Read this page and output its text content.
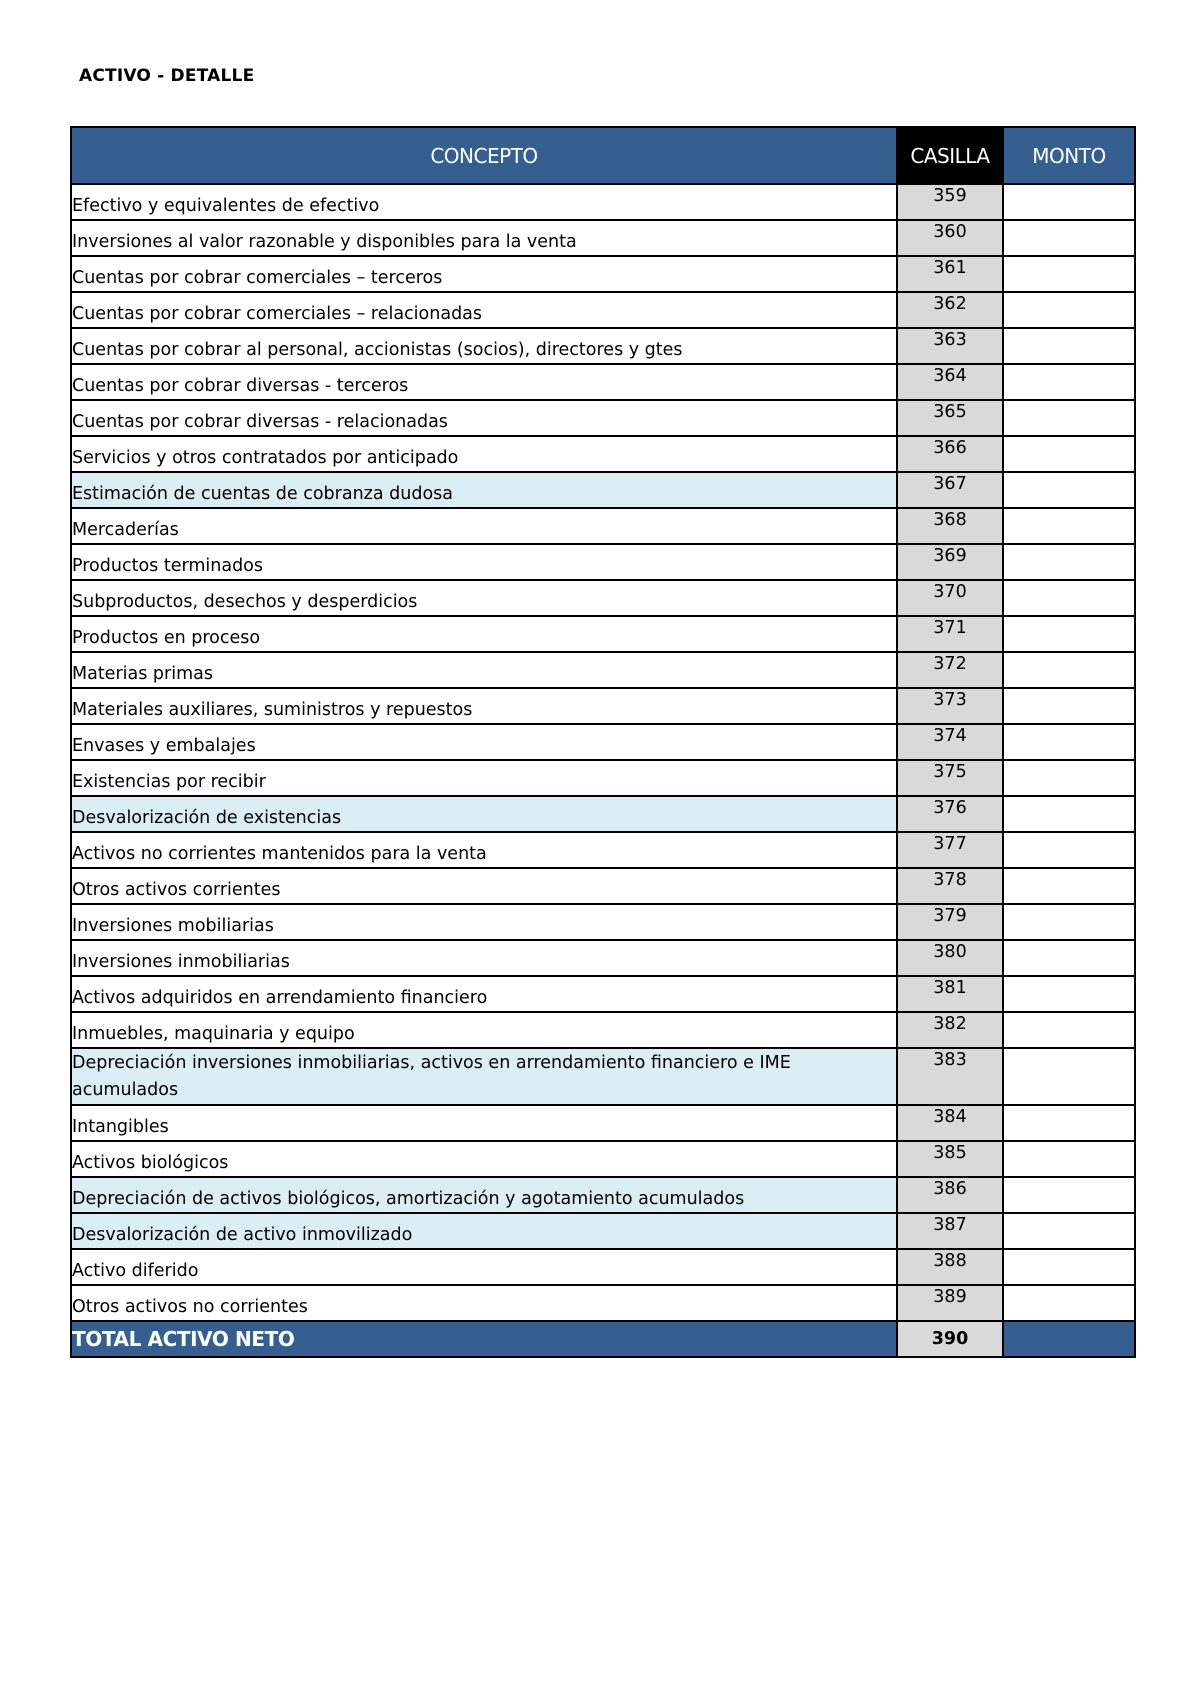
ACTIVO - DETALLE
CONCEPTO	CASILLA	MONTO
Efectivo y equivalentes de efectivo	359	
Inversiones al valor razonable y disponibles para la venta	360	
Cuentas por cobrar comerciales – terceros	361	
Cuentas por cobrar comerciales – relacionadas	362	
Cuentas por cobrar al personal, accionistas (socios), directores y gtes	363	
Cuentas por cobrar diversas - terceros	364	
Cuentas por cobrar diversas - relacionadas	365	
Servicios y otros contratados por anticipado	366	
Estimación de cuentas de cobranza dudosa	367	
Mercaderías	368	
Productos terminados	369	
Subproductos, desechos y desperdicios	370	
Productos en proceso	371	
Materias primas	372	
Materiales auxiliares, suministros y repuestos	373	
Envases y embalajes	374	
Existencias por recibir	375	
Desvalorización de existencias	376	
Activos no corrientes mantenidos para la venta	377	
Otros activos corrientes	378	
Inversiones mobiliarias	379	
Inversiones inmobiliarias	380	
Activos adquiridos en arrendamiento financiero	381	
Inmuebles, maquinaria y equipo	382	
Depreciación inversiones inmobiliarias, activos en arrendamiento financiero e IME acumulados	383	
Intangibles	384	
Activos biológicos	385	
Depreciación de activos biológicos, amortización y agotamiento acumulados	386	
Desvalorización de activo inmovilizado	387	
Activo diferido	388	
Otros activos no corrientes	389	
TOTAL ACTIVO NETO	390	
